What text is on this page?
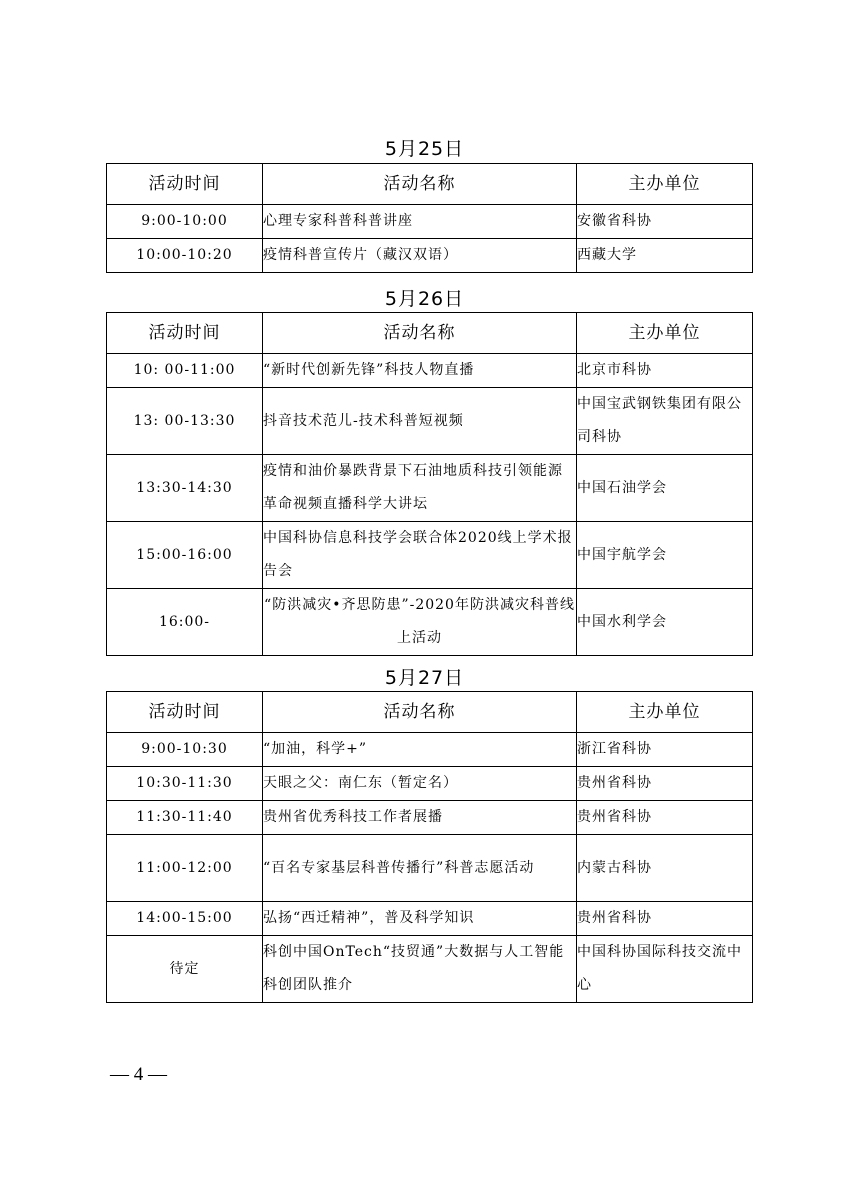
5月25日
活动时间	活动名称	主办单位
9:00-10:00	心理专家科普科普讲座	安徽省科协
10:00-10:20	疫情科普宣传片（藏汉双语）	西藏大学
5月26日
活动时间	活动名称	主办单位
10: 00-11:00	“新时代创新先锋”科技人物直播	北京市科协
13: 00-13:30	抖音技术范儿-技术科普短视频	中国宝武钢铁集团有限公司科协
13:30-14:30	疫情和油价暴跌背景下石油地质科技引领能源革命视频直播科学大讲坛	中国石油学会
15:00-16:00	中国科协信息科技学会联合体2020线上学术报告会	中国宇航学会
16:00-	“防洪减灾•齐思防患”-2020年防洪减灾科普线上活动	中国水利学会
5月27日
活动时间	活动名称	主办单位
9:00-10:30	“加油，科学+”	浙江省科协
10:30-11:30	天眼之父：南仁东（暂定名）	贵州省科协
11:30-11:40	贵州省优秀科技工作者展播	贵州省科协
11:00-12:00	“百名专家基层科普传播行”科普志愿活动	内蒙古科协
14:00-15:00	弘扬“西迁精神”，普及科学知识	贵州省科协
待定	科创中国OnTech“技贸通”大数据与人工智能科创团队推介	中国科协国际科技交流中心
— 4 —
